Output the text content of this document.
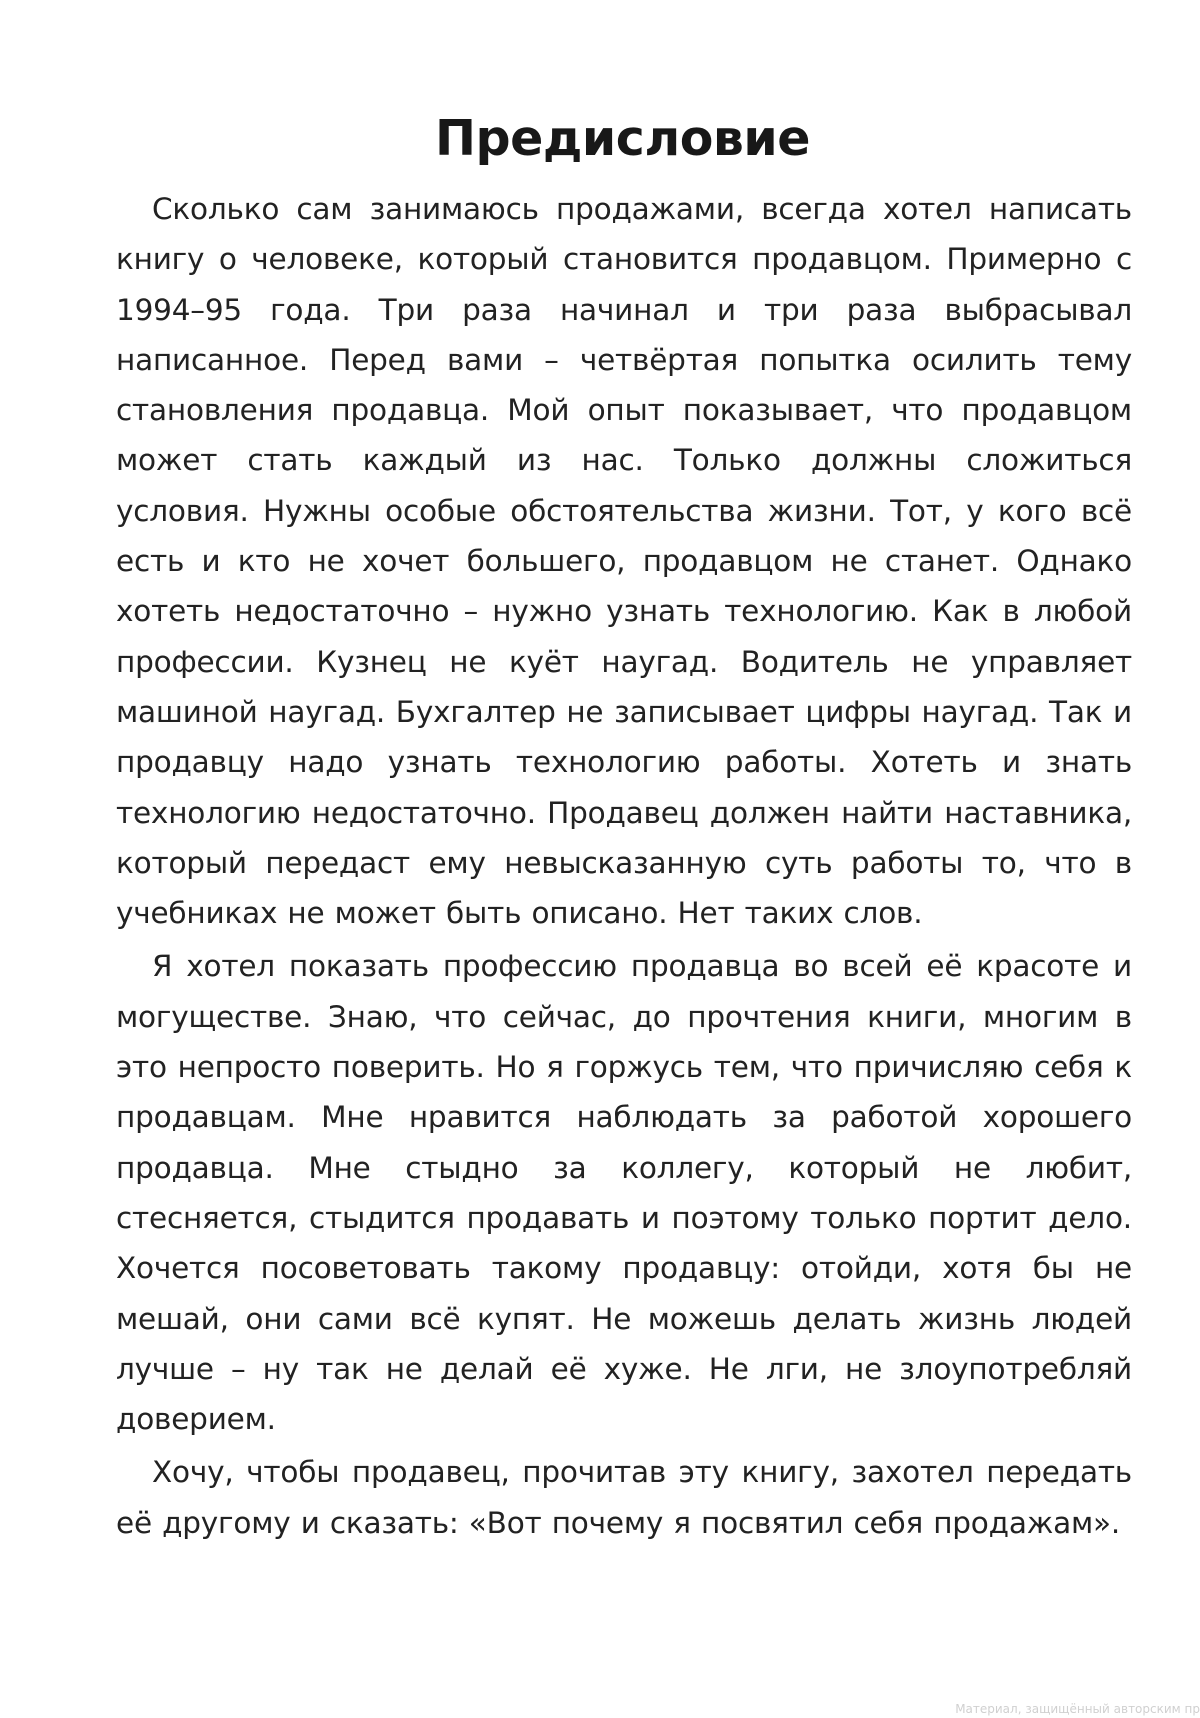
Предисловие

Сколько сам занимаюсь продажами, всегда хотел написать книгу о человеке, который становится продавцом. Примерно с 1994–95 года. Три раза начинал и три раза выбрасывал написанное. Перед вами – четвёртая попытка осилить тему становления продавца. Мой опыт показывает, что продавцом может стать каждый из нас. Только должны сложиться условия. Нужны особые обстоятельства жизни. Тот, у кого всё есть и кто не хочет большего, продавцом не станет. Однако хотеть недостаточно – нужно узнать технологию. Как в любой профессии. Кузнец не куёт наугад. Водитель не управляет машиной наугад. Бухгалтер не записывает цифры наугад. Так и продавцу надо узнать технологию работы. Хотеть и знать технологию недостаточно. Продавец должен найти наставника, который передаст ему невысказанную суть работы то, что в учебниках не может быть описано. Нет таких слов.

Я хотел показать профессию продавца во всей её красоте и могуществе. Знаю, что сейчас, до прочтения книги, многим в это непросто поверить. Но я горжусь тем, что причисляю себя к продавцам. Мне нравится наблюдать за работой хорошего продавца. Мне стыдно за коллегу, который не любит, стесняется, стыдится продавать и поэтому только портит дело. Хочется посоветовать такому продавцу: отойди, хотя бы не мешай, они сами всё купят. Не можешь делать жизнь людей лучше – ну так не делай её хуже. Не лги, не злоупотребляй доверием.

Хочу, чтобы продавец, прочитав эту книгу, захотел передать её другому и сказать: «Вот почему я посвятил себя продажам».

Материал, защищённый авторским пр
